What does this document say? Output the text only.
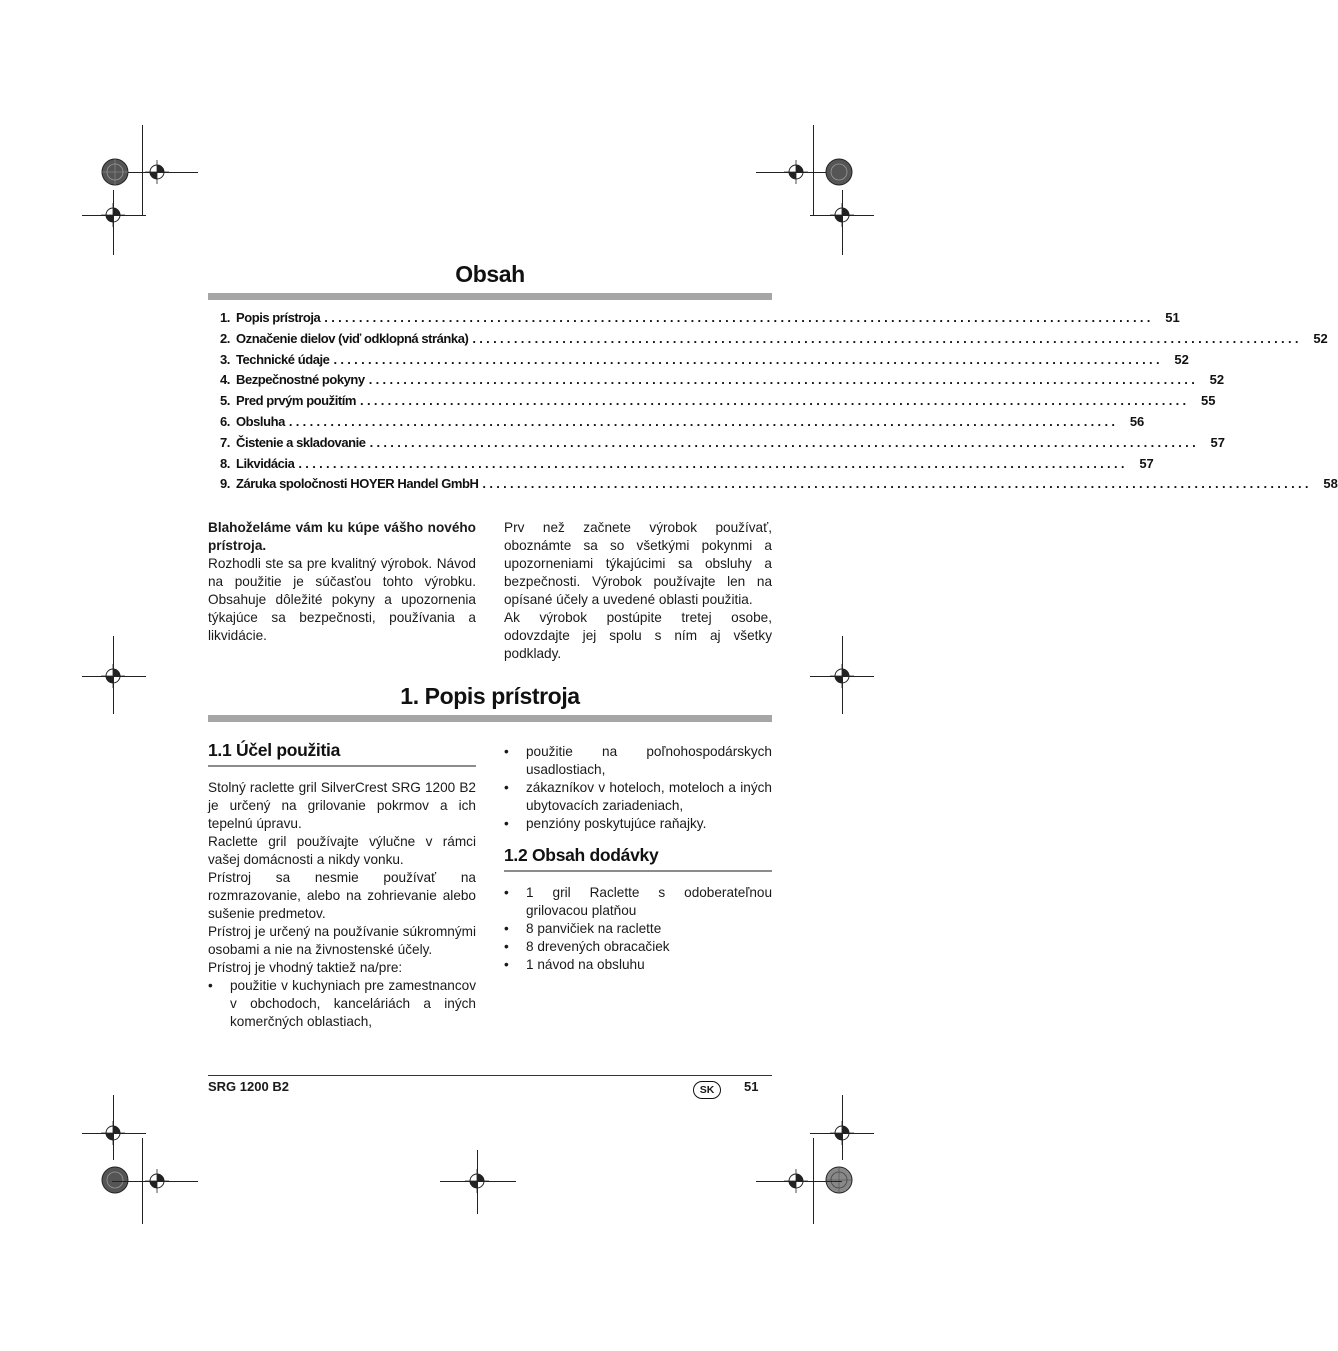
Obsah
1. Popis prístroja ........................................................................................................................ 51
2. Označenie dielov (viď odklopná stránka) ........................................................................................................................ 52
3. Technické údaje ........................................................................................................................ 52
4. Bezpečnostné pokyny ........................................................................................................................ 52
5. Pred prvým použitím ........................................................................................................................ 55
6. Obsluha ........................................................................................................................ 56
7. Čistenie a skladovanie ........................................................................................................................ 57
8. Likvidácia ........................................................................................................................ 57
9. Záruka spoločnosti HOYER Handel GmbH ........................................................................................................................ 58

Blahoželáme vám ku kúpe vášho nového prístroja.

Rozhodli ste sa pre kvalitný výrobok. Návod na použitie je súčasťou tohto výrobku. Obsahuje dôležité pokyny a upozornenia týkajúce sa bezpečnosti, používania a likvidácie.

Prv než začnete výrobok používať, oboznámte sa so všetkými pokynmi a upozorneniami týkajúcimi sa obsluhy a bezpečnosti. Výrobok používajte len na opísané účely a uvedené oblasti použitia.

Ak výrobok postúpite tretej osobe, odovzdajte jej spolu s ním aj všetky podklady.

1. Popis prístroja
1.1 Účel použitia

Stolný raclette gril SilverCrest SRG 1200 B2 je určený na grilovanie pokrmov a ich tepelnú úpravu.

Raclette gril používajte výlučne v rámci vašej domácnosti a nikdy vonku.

Prístroj sa nesmie používať na rozmrazovanie, alebo na zohrievanie alebo sušenie predmetov.

Prístroj je určený na používanie súkromnými osobami a nie na živnostenské účely.

Prístroj je vhodný taktiež na/pre:

• použitie v kuchyniach pre zamestnancov v obchodoch, kanceláriách a iných komerčných oblastiach,
• použitie na poľnohospodárskych usadlostiach,
• zákazníkov v hoteloch, moteloch a iných ubytovacích zariadeniach,
• penzióny poskytujúce raňajky.
1.2 Obsah dodávky
• 1 gril Raclette s odoberateľnou grilovacou platňou
• 8 panvičiek na raclette
• 8 drevených obracačiek
• 1 návod na obsluhu
SRG 1200 B2	SK	51
